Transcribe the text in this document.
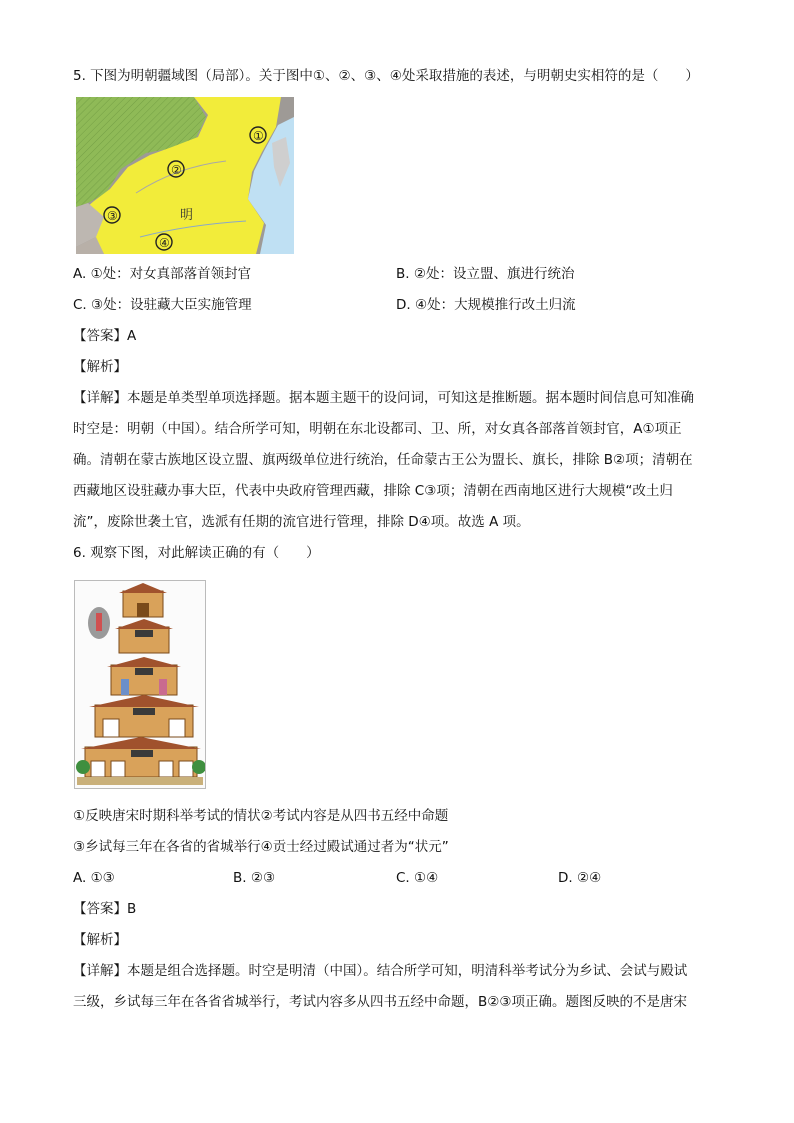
5. 下图为明朝疆域图（局部）。关于图中①、②、③、④处采取措施的表述，与明朝史实相符的是（　　）
①
②
③
④
明
A. ①处：对女真部落首领封官	B. ②处：设立盟、旗进行统治
C. ③处：设驻藏大臣实施管理	D. ④处：大规模推行改土归流
【答案】A
【解析】
【详解】本题是单类型单项选择题。据本题主题干的设问词，可知这是推断题。据本题时间信息可知准确
时空是：明朝（中国）。结合所学可知，明朝在东北设都司、卫、所，对女真各部落首领封官，A①项正
确。清朝在蒙古族地区设立盟、旗两级单位进行统治，任命蒙古王公为盟长、旗长，排除 B②项；清朝在
西藏地区设驻藏办事大臣，代表中央政府管理西藏，排除 C③项；清朝在西南地区进行大规模“改土归
流”，废除世袭土官，选派有任期的流官进行管理，排除 D④项。故选 A 项。
6. 观察下图，对此解读正确的有（　　）
①反映唐宋时期科举考试的情状②考试内容是从四书五经中命题
③乡试每三年在各省的省城举行④贡士经过殿试通过者为“状元”
A. ①③	B. ②③	C. ①④	D. ②④
【答案】B
【解析】
【详解】本题是组合选择题。时空是明清（中国）。结合所学可知，明清科举考试分为乡试、会试与殿试
三级，乡试每三年在各省省城举行，考试内容多从四书五经中命题，B②③项正确。题图反映的不是唐宋
